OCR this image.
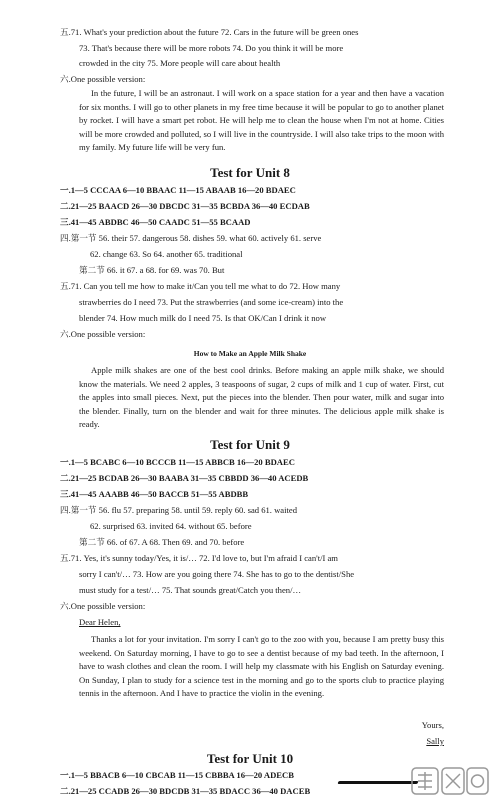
五.71. What's your prediction about the future 72. Cars in the future will be green ones
73. That's because there will be more robots 74. Do you think it will be more
crowded in the city 75. More people will care about health
六.One possible version:
In the future, I will be an astronaut. I will work on a space station for a year and then have a vacation for six months. I will go to other planets in my free time because it will be popular to go to another planet by rocket. I will have a smart pet robot. He will help me to clean the house when I'm not at home. Cities will be more crowded and polluted, so I will live in the countryside. I will also take trips to the moon with my family. My future life will be very fun.
Test for Unit 8
一.1—5 CCCAA 6—10 BBAAC 11—15 ABAAB 16—20 BDAEC
二.21—25 BAACD 26—30 DBCDC 31—35 BCBDA 36—40 ECDAB
三.41—45 ABDBC 46—50 CAADC 51—55 BCAAD
四.第一节 56. their 57. dangerous 58. dishes 59. what 60. actively 61. serve
62. change 63. So 64. another 65. traditional
第二节 66. it 67. a 68. for 69. was 70. But
五.71. Can you tell me how to make it/Can you tell me what to do 72. How many
strawberries do I need 73. Put the strawberries (and some ice-cream) into the
blender 74. How much milk do I need 75. Is that OK/Can I drink it now
六.One possible version:
How to Make an Apple Milk Shake
Apple milk shakes are one of the best cool drinks. Before making an apple milk shake, we should know the materials. We need 2 apples, 3 teaspoons of sugar, 2 cups of milk and 1 cup of water. First, cut the apples into small pieces. Next, put the pieces into the blender. Then pour water, milk and sugar into the blender. Finally, turn on the blender and wait for three minutes. The delicious apple milk shake is ready.
Test for Unit 9
一.1—5 BCABC 6—10 BCCCB 11—15 ABBCB 16—20 BDAEC
二.21—25 BCDAB 26—30 BAABA 31—35 CBBDD 36—40 ACEDB
三.41—45 AAABB 46—50 BACCB 51—55 ABDBB
四.第一节 56. flu 57. preparing 58. until 59. reply 60. sad 61. waited
62. surprised 63. invited 64. without 65. before
第二节 66. of 67. A 68. Then 69. and 70. before
五.71. Yes, it's sunny today/Yes, it is/… 72. I'd love to, but I'm afraid I can't/I am
sorry I can't/… 73. How are you going there 74. She has to go to the dentist/She
must study for a test/… 75. That sounds great/Catch you then/…
六.One possible version:
Dear Helen,
Thanks a lot for your invitation. I'm sorry I can't go to the zoo with you, because I am pretty busy this weekend. On Saturday morning, I have to go to see a dentist because of my bad teeth. In the afternoon, I have to wash clothes and clean the room. I will help my classmate with his English on Saturday evening. On Sunday, I plan to study for a science test in the morning and go to the sports club to practice playing tennis in the afternoon. And I have to practice the violin in the evening.
Yours,
Sally
Test for Unit 10
一.1—5 BBACB 6—10 CBCAB 11—15 CBBBA 16—20 ADECB
二.21—25 CCADB 26—30 BDCDB 31—35 BDACC 36—40 DACEB
